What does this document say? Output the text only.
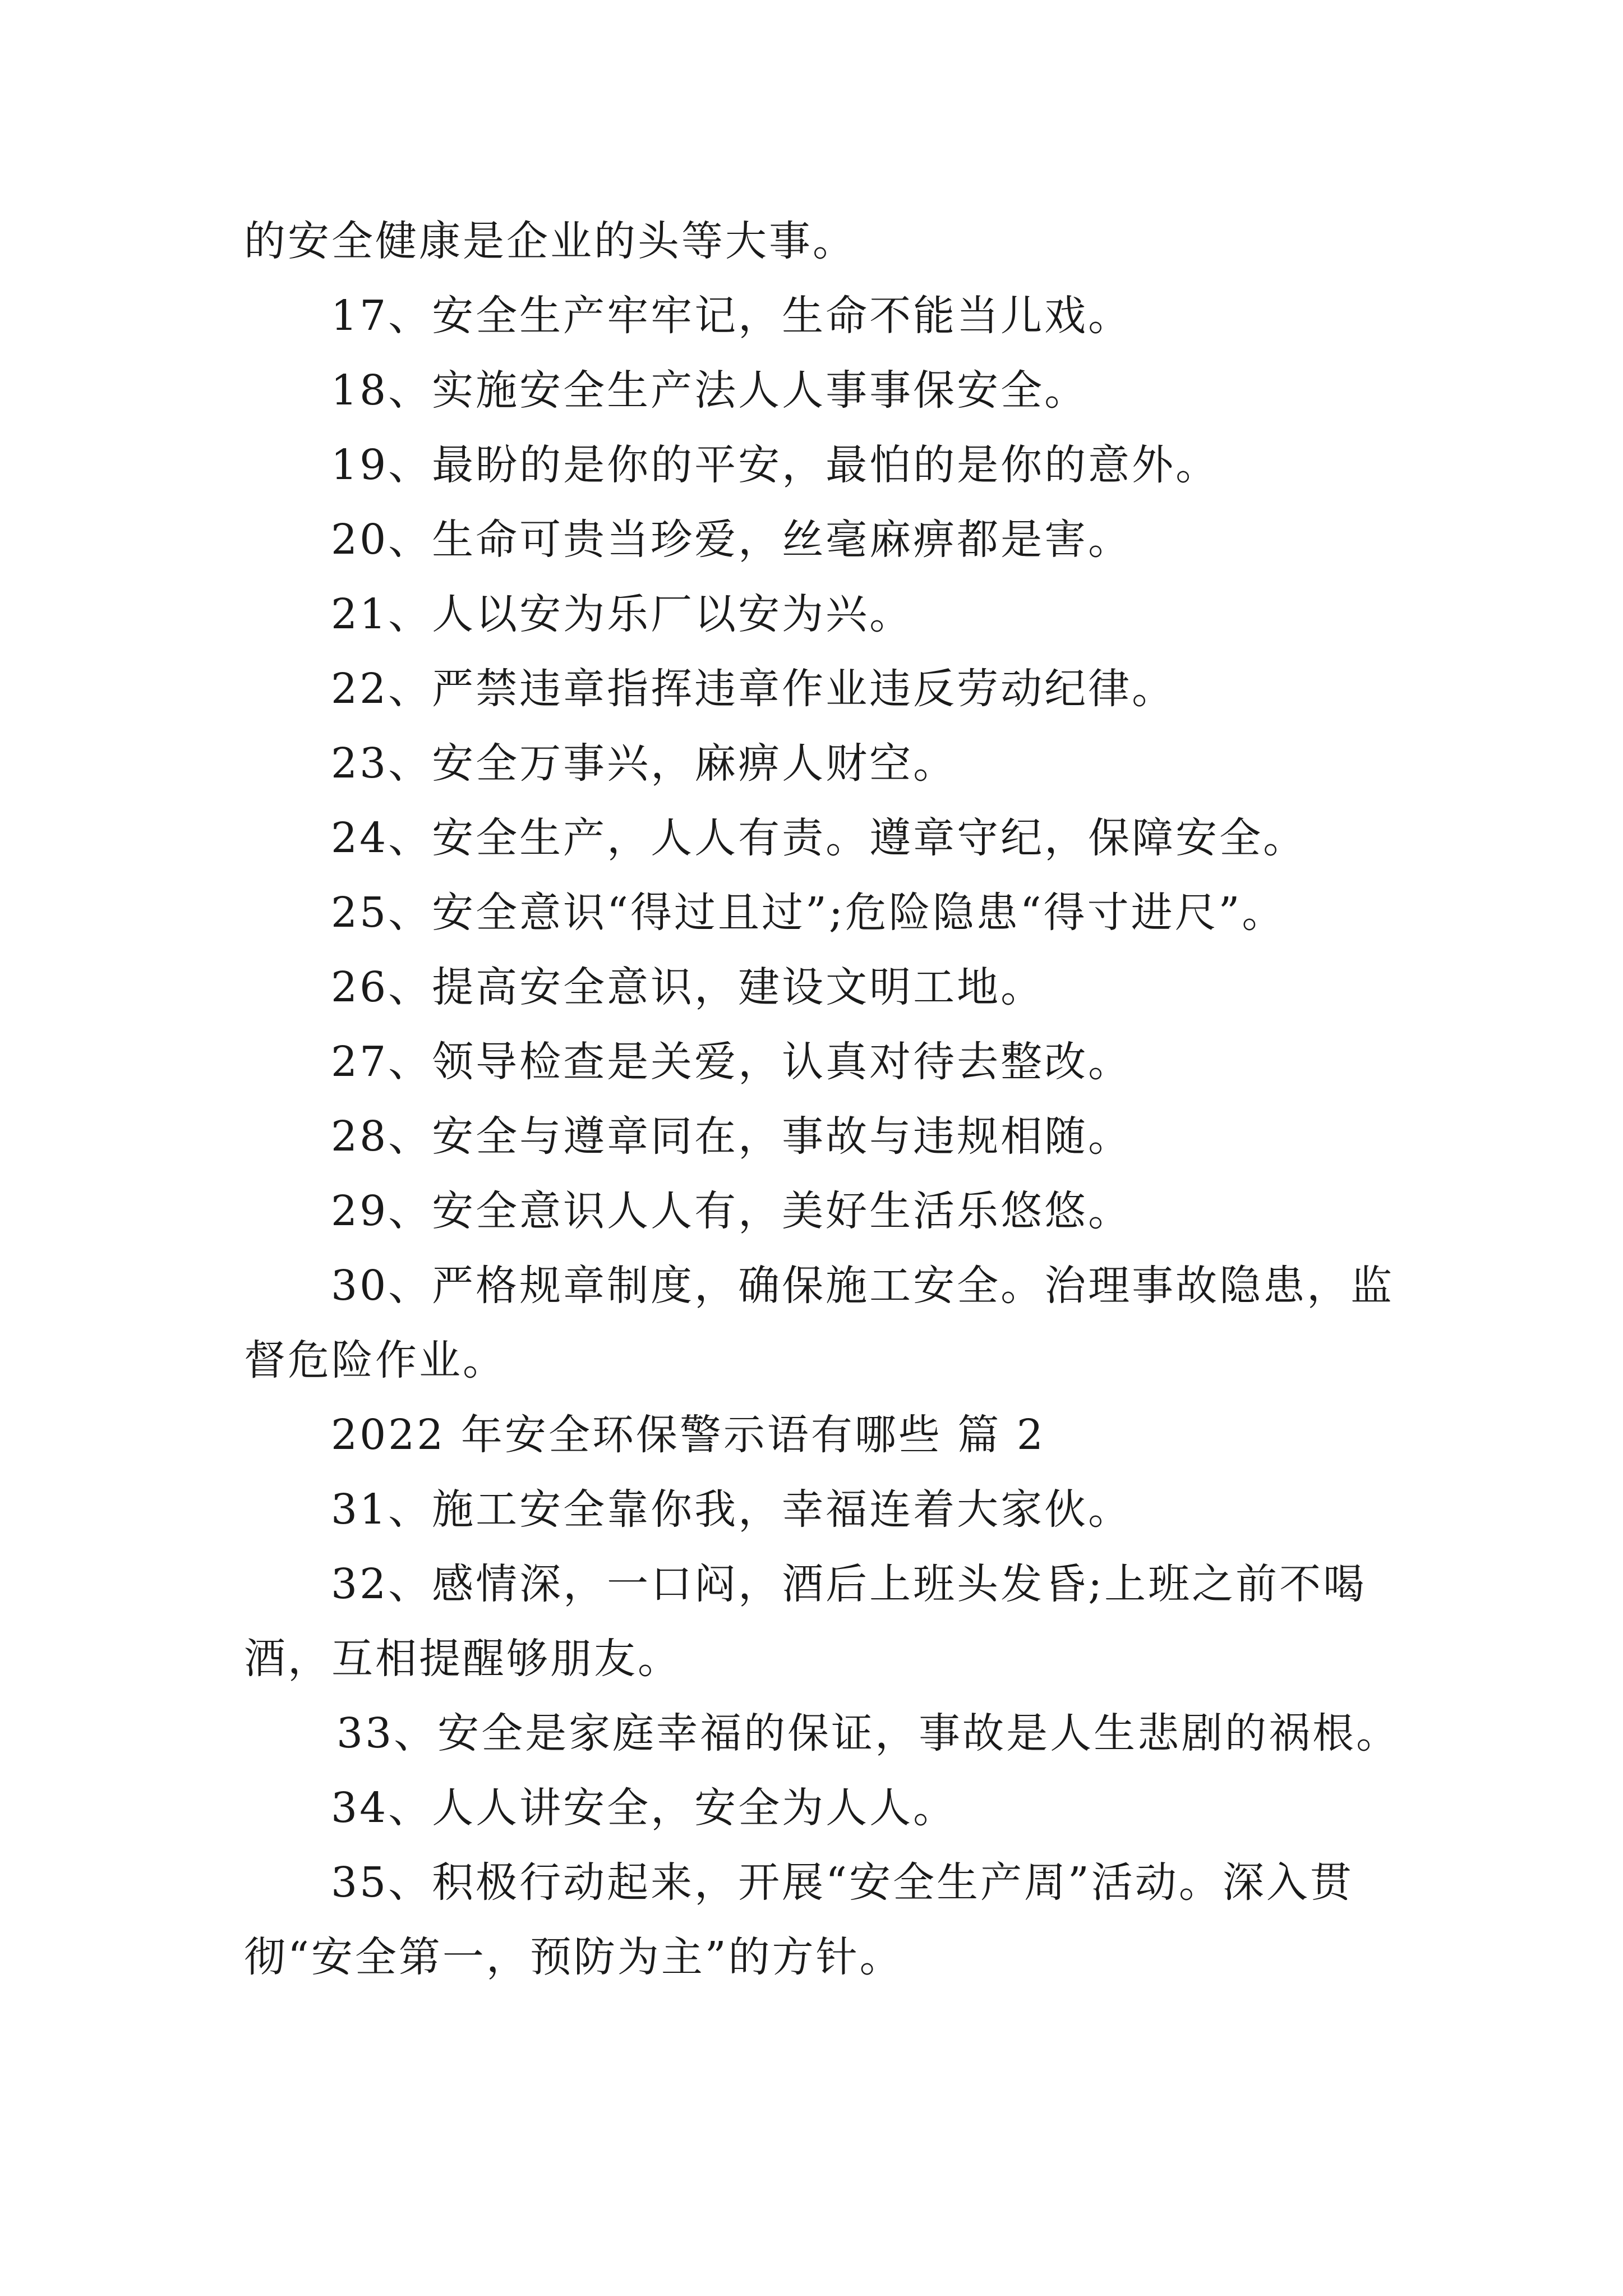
的安全健康是企业的头等大事。
17、安全生产牢牢记，生命不能当儿戏。
18、实施安全生产法人人事事保安全。
19、最盼的是你的平安，最怕的是你的意外。
20、生命可贵当珍爱，丝毫麻痹都是害。
21、人以安为乐厂以安为兴。
22、严禁违章指挥违章作业违反劳动纪律。
23、安全万事兴，麻痹人财空。
24、安全生产，人人有责。遵章守纪，保障安全。
25、安全意识“得过且过”;危险隐患“得寸进尺”。
26、提高安全意识，建设文明工地。
27、领导检查是关爱，认真对待去整改。
28、安全与遵章同在，事故与违规相随。
29、安全意识人人有，美好生活乐悠悠。
30、严格规章制度，确保施工安全。治理事故隐患，监
督危险作业。
2022 年安全环保警示语有哪些 篇 2
31、施工安全靠你我，幸福连着大家伙。
32、感情深，一口闷，酒后上班头发昏;上班之前不喝
酒，互相提醒够朋友。
33、安全是家庭幸福的保证，事故是人生悲剧的祸根。
34、人人讲安全，安全为人人。
35、积极行动起来，开展“安全生产周”活动。深入贯
彻“安全第一，预防为主”的方针。
